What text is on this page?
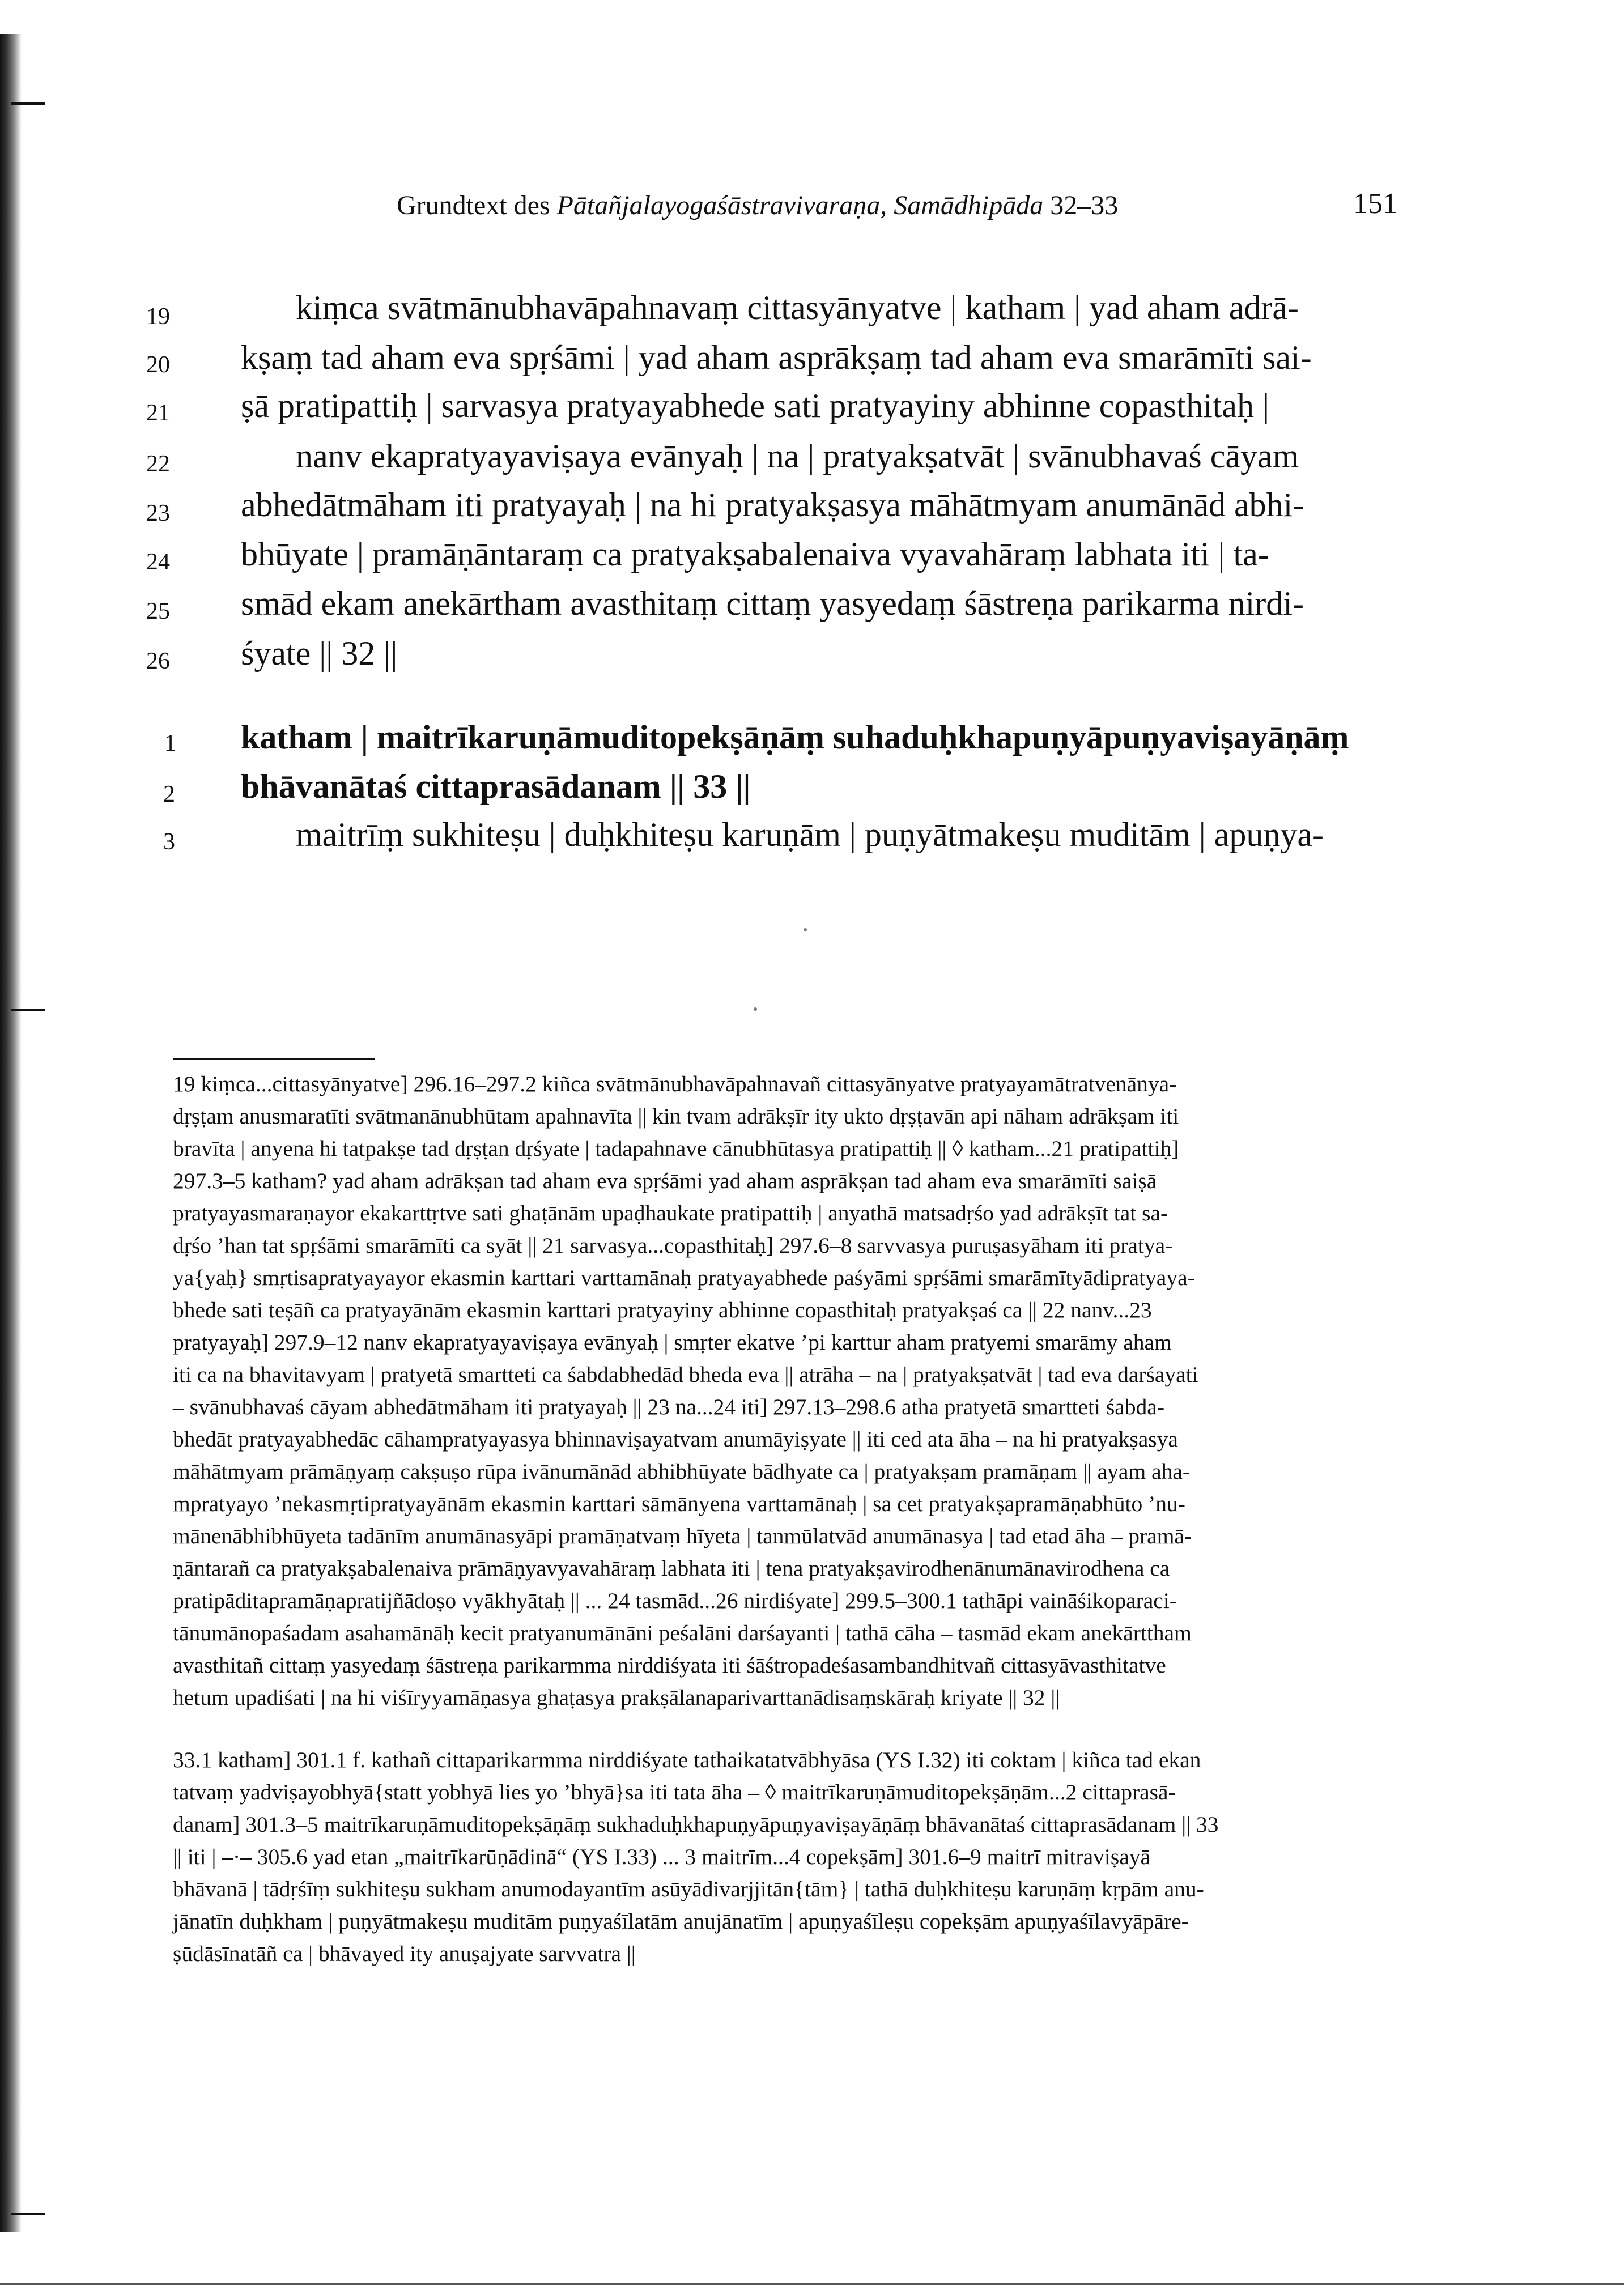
Grundtext des Pātañjalayogaśāstravivaraṇa, Samādhipāda 32–33	151
19
20
21
22
23
24
25
26
1
2
3
kiṃca svātmānubhavāpahnavaṃ cittasyānyatve | katham | yad aham adrā-
kṣaṃ tad aham eva spṛśāmi | yad aham asprākṣaṃ tad aham eva smarāmīti sai-
ṣā pratipattiḥ | sarvasya pratyayabhede sati pratyayiny abhinne copasthitaḥ |
nanv ekapratyayaviṣaya evānyaḥ | na | pratyakṣatvāt | svānubhavaś cāyam
abhedātmāham iti pratyayaḥ | na hi pratyakṣasya māhātmyam anumānād abhi-
bhūyate | pramāṇāntaraṃ ca pratyakṣabalenaiva vyavahāraṃ labhata iti | ta-
smād ekam anekārtham avasthitaṃ cittaṃ yasyedaṃ śāstreṇa parikarma nirdi-
śyate || 32 ||
katham | maitrīkaruṇāmuditopekṣāṇāṃ suhaduḥkhapuṇyāpuṇyaviṣayāṇāṃ
bhāvanātaś cittaprasādanam || 33 ||
maitrīṃ sukhiteṣu | duḥkhiteṣu karuṇām | puṇyātmakeṣu muditām | apuṇya-
19 kiṃca...cittasyānyatve] 296.16–297.2 kiñca svātmānubhavāpahnavañ cittasyānyatve pratyayamātratvenānya-
dṛṣṭam anusmaratīti svātmanānubhūtam apahnavīta || kin tvam adrākṣīr ity ukto dṛṣṭavān api nāham adrākṣam iti
bravīta | anyena hi tatpakṣe tad dṛṣṭan dṛśyate | tadapahnave cānubhūtasya pratipattiḥ || ◊ katham...21 pratipattiḥ]
297.3–5 katham? yad aham adrākṣan tad aham eva spṛśāmi yad aham asprākṣan tad aham eva smarāmīti saiṣā
pratyayasmaraṇayor ekakarttṛtve sati ghaṭānām upaḍhaukate pratipattiḥ | anyathā matsadṛśo yad adrākṣīt tat sa-
dṛśo ’han tat spṛśāmi smarāmīti ca syāt || 21 sarvasya...copasthitaḥ] 297.6–8 sarvvasya puruṣasyāham iti pratya-
ya{yaḥ} smṛtisapratyayayor ekasmin karttari varttamānaḥ pratyayabhede paśyāmi spṛśāmi smarāmītyādipratyaya-
bhede sati teṣāñ ca pratyayānām ekasmin karttari pratyayiny abhinne copasthitaḥ pratyakṣaś ca || 22 nanv...23
pratyayaḥ] 297.9–12 nanv ekapratyayaviṣaya evānyaḥ | smṛter ekatve ’pi karttur aham pratyemi smarāmy aham
iti ca na bhavitavyam | pratyetā smartteti ca śabdabhedād bheda eva || atrāha – na | pratyakṣatvāt | tad eva darśayati
– svānubhavaś cāyam abhedātmāham iti pratyayaḥ || 23 na...24 iti] 297.13–298.6 atha pratyetā smartteti śabda-
bhedāt pratyayabhedāc cāhampratyayasya bhinnaviṣayatvam anumāyiṣyate || iti ced ata āha – na hi pratyakṣasya
māhātmyam prāmāṇyaṃ cakṣuṣo rūpa ivānumānād abhibhūyate bādhyate ca | pratyakṣam pramāṇam || ayam aha-
mpratyayo ’nekasmṛtipratyayānām ekasmin karttari sāmānyena varttamānaḥ | sa cet pratyakṣapramāṇabhūto ’nu-
mānenābhibhūyeta tadānīm anumānasyāpi pramāṇatvaṃ hīyeta | tanmūlatvād anumānasya | tad etad āha – pramā-
ṇāntarañ ca pratyakṣabalenaiva prāmāṇyavyavahāraṃ labhata iti | tena pratyakṣavirodhenānumānavirodhena ca
pratipāditapramāṇapratijñādoṣo vyākhyātaḥ || ... 24 tasmād...26 nirdiśyate] 299.5–300.1 tathāpi vaināśikoparaci-
tānumānopaśadam asahamānāḥ kecit pratyanumānāni peśalāni darśayanti | tathā cāha – tasmād ekam anekārttham
avasthitañ cittaṃ yasyedaṃ śāstreṇa parikarmma nirddiśyata iti śāśtropadeśasambandhitvañ cittasyāvasthitatve
hetum upadiśati | na hi viśīryyamāṇasya ghaṭasya prakṣālanaparivarttanādisaṃskāraḥ kriyate || 32 ||
33.1 katham] 301.1 f. kathañ cittaparikarmma nirddiśyate tathaikatatvābhyāsa (YS I.32) iti coktam | kiñca tad ekan
tatvaṃ yadviṣayobhyā{statt yobhyā lies yo ’bhyā}sa iti tata āha – ◊ maitrīkaruṇāmuditopekṣāṇām...2 cittaprasā-
danam] 301.3–5 maitrīkaruṇāmuditopekṣāṇāṃ sukhaduḥkhapuṇyāpuṇyaviṣayāṇāṃ bhāvanātaś cittaprasādanam || 33
|| iti | –·– 305.6 yad etan „maitrīkarūṇādinā“ (YS I.33) ... 3 maitrīm...4 copekṣām] 301.6–9 maitrī mitraviṣayā
bhāvanā | tādṛśīṃ sukhiteṣu sukham anumodayantīm asūyādivarjjitān{tām} | tathā duḥkhiteṣu karuṇāṃ kṛpām anu-
jānatīn duḥkham | puṇyātmakeṣu muditām puṇyaśīlatām anujānatīm | apuṇyaśīleṣu copekṣām apuṇyaśīlavyāpāre-
ṣūdāsīnatāñ ca | bhāvayed ity anuṣajyate sarvvatra ||
